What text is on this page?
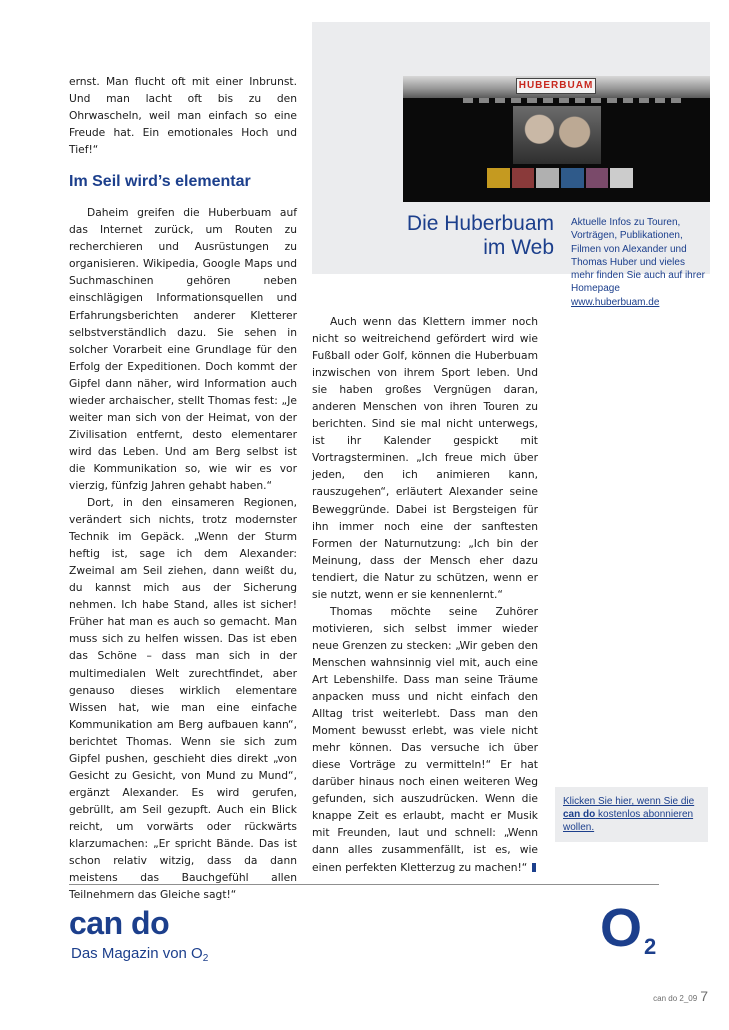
HUBERBUAM
Die Huberbuam
im Web
Aktuelle Infos zu Touren, Vorträgen, Publikationen, Filmen von Alexander und Thomas Huber und vieles mehr finden Sie auch auf ihrer Homepage www.huberbuam.de

ernst. Man flucht oft mit einer Inbrunst. Und man lacht oft bis zu den Ohrwascheln, weil man einfach so eine Freude hat. Ein emotionales Hoch und Tief!“

Im Seil wird’s elementar

Daheim greifen die Huberbuam auf das Internet zurück, um Routen zu recherchieren und Ausrüstungen zu organisieren. Wikipedia, Google Maps und Suchmaschinen gehören neben einschlägigen Informationsquellen und Erfahrungsberichten anderer Kletterer selbstverständlich dazu. Sie sehen in solcher Vorarbeit eine Grundlage für den Erfolg der Expeditionen. Doch kommt der Gipfel dann näher, wird Information auch wieder archaischer, stellt Thomas fest: „Je weiter man sich von der Heimat, von der Zivilisation entfernt, desto elementarer wird das Leben. Und am Berg selbst ist die Kommunikation so, wie wir es vor vierzig, fünfzig Jahren gehabt haben.“

Dort, in den einsameren Regionen, verändert sich nichts, trotz modernster Technik im Gepäck. „Wenn der Sturm heftig ist, sage ich dem Alexander: Zweimal am Seil ziehen, dann weißt du, du kannst mich aus der Sicherung nehmen. Ich habe Stand, alles ist sicher! Früher hat man es auch so gemacht. Man muss sich zu helfen wissen. Das ist eben das Schöne – dass man sich in der multimedialen Welt zurechtfindet, aber genauso dieses wirklich elementare Wissen hat, wie man eine einfache Kommunikation am Berg aufbauen kann“, berichtet Thomas. Wenn sie sich zum Gipfel pushen, geschieht dies direkt „von Gesicht zu Gesicht, von Mund zu Mund“, ergänzt Alexander. Es wird gerufen, gebrüllt, am Seil gezupft. Auch ein Blick reicht, um vorwärts oder rückwärts klarzumachen: „Er spricht Bände. Das ist schon relativ witzig, dass da dann meistens das Bauchgefühl allen Teilnehmern das Gleiche sagt!“

Auch wenn das Klettern immer noch nicht so weitreichend gefördert wird wie Fußball oder Golf, können die Huberbuam inzwischen von ihrem Sport leben. Und sie haben großes Vergnügen daran, anderen Menschen von ihren Touren zu berichten. Sind sie mal nicht unterwegs, ist ihr Kalender gespickt mit Vortragsterminen. „Ich freue mich über jeden, den ich animieren kann, rauszugehen“, erläutert Alexander seine Beweggründe. Dabei ist Bergsteigen für ihn immer noch eine der sanftesten Formen der Naturnutzung: „Ich bin der Meinung, dass der Mensch eher dazu tendiert, die Natur zu schützen, wenn er sie nutzt, wenn er sie kennenlernt.“

Thomas möchte seine Zuhörer motivieren, sich selbst immer wieder neue Grenzen zu stecken: „Wir geben den Menschen wahnsinnig viel mit, auch eine Art Lebenshilfe. Dass man seine Träume anpacken muss und nicht einfach den Alltag trist weiterlebt. Dass man den Moment bewusst erlebt, was viele nicht mehr können. Das versuche ich über diese Vorträge zu vermitteln!“ Er hat darüber hinaus noch einen weiteren Weg gefunden, sich auszudrücken. Wenn die knappe Zeit es erlaubt, macht er Musik mit Freunden, laut und schnell: „Wenn dann alles zusammenfällt, ist es, wie einen perfekten Kletterzug zu machen!“

Klicken Sie hier, wenn Sie die can do kostenlos abonnieren wollen.
can do
Das Magazin von $O_2$
O 2
can do 2_09 7
